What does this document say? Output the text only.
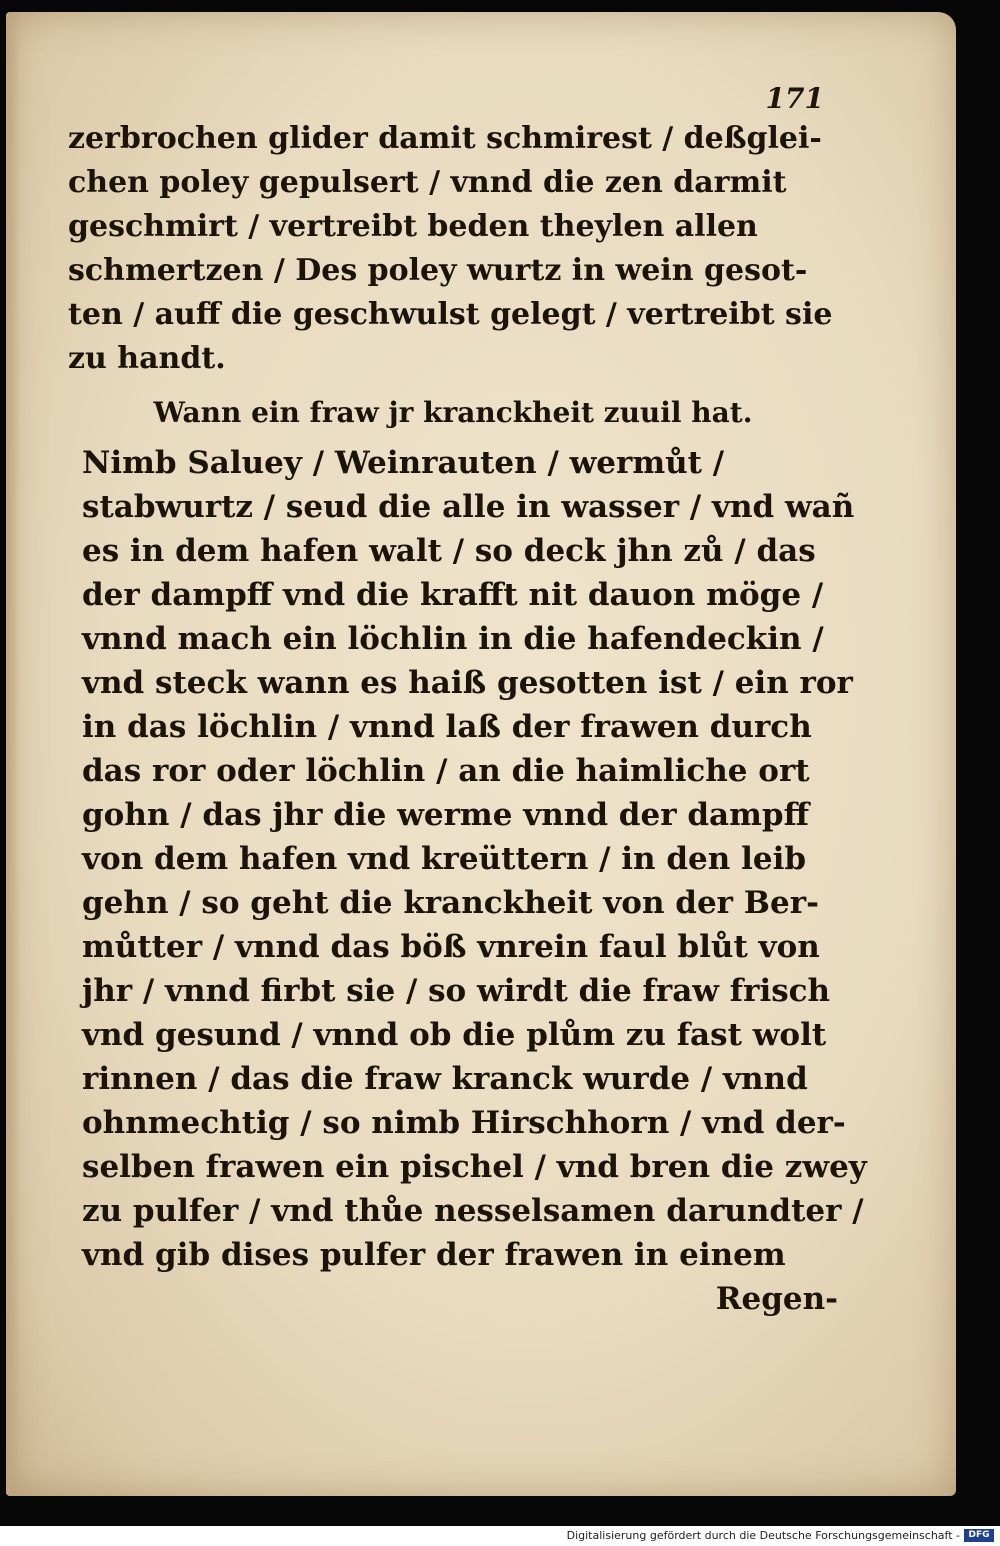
171
zerbrochen glider damit schmirest / deßglei-
chen poley gepulsert / vnnd die zen darmit
geschmirt / vertreibt beden theylen allen
schmertzen / Des poley wurtz in wein gesot-
ten / auff die geschwulst gelegt / vertreibt sie
zu handt.
Wann ein fraw jr kranckheit zuuil hat.
Nimb Saluey / Weinrauten / wermůt /
stabwurtz / seud die alle in wasser / vnd wañ
es in dem hafen walt / so deck jhn zů / das
der dampff vnd die krafft nit dauon möge /
vnnd mach ein löchlin in die hafendeckin /
vnd steck wann es haiß gesotten ist / ein ror
in das löchlin / vnnd laß der frawen durch
das ror oder löchlin / an die haimliche ort
gohn / das jhr die werme vnnd der dampff
von dem hafen vnd kreüttern / in den leib
gehn / so geht die kranckheit von der Ber-
můtter / vnnd das böß vnrein faul blůt von
jhr / vnnd firbt sie / so wirdt die fraw frisch
vnd gesund / vnnd ob die plům zu fast wolt
rinnen / das die fraw kranck wurde / vnnd
ohnmechtig / so nimb Hirschhorn / vnd der-
selben frawen ein pischel / vnd bren die zwey
zu pulfer / vnd thůe nesselsamen darundter /
vnd gib dises pulfer der frawen in einem
Regen-
Digitalisierung gefördert durch die Deutsche Forschungsgemeinschaft - DFG
